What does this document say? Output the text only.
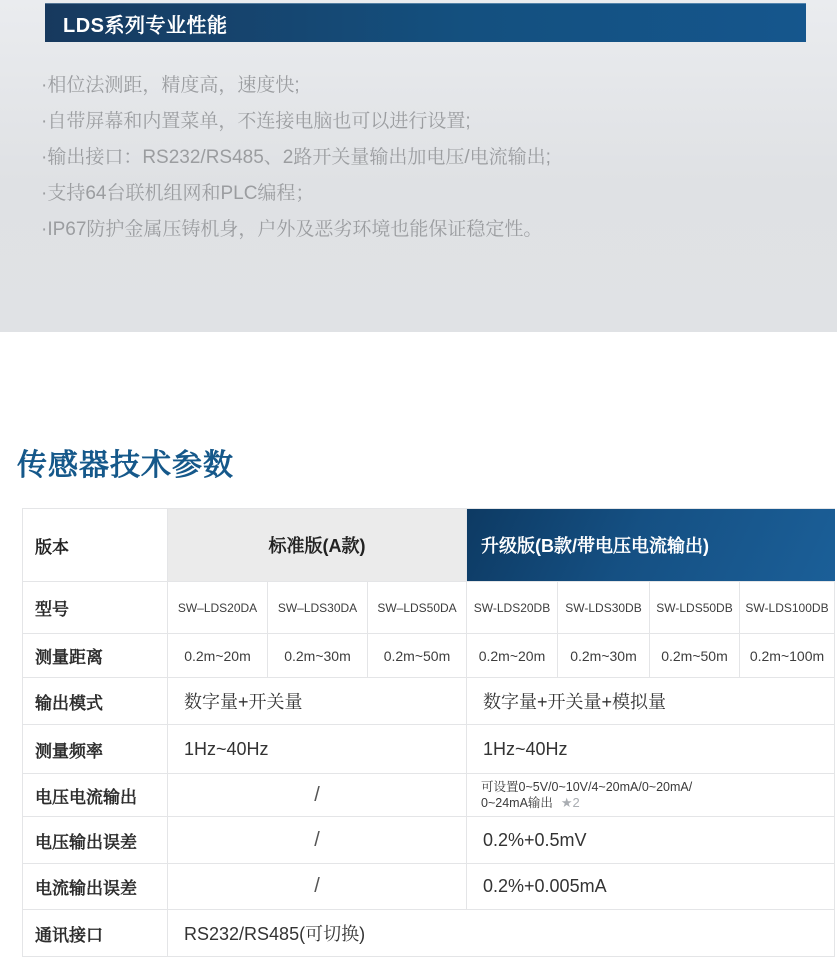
LDS系列专业性能
·相位法测距，精度高，速度快;
·自带屏幕和内置菜单，不连接电脑也可以进行设置;
·输出接口：RS232/RS485、2路开关量输出加电压/电流输出;
·支持64台联机组网和PLC编程；
·IP67防护金属压铸机身，户外及恶劣环境也能保证稳定性。
传感器技术参数
版本	标准版(A款)	升级版(B款/带电压电流输出)
型号	SW–LDS20DA	SW–LDS30DA	SW–LDS50DA	SW-LDS20DB	SW-LDS30DB	SW-LDS50DB	SW-LDS100DB
测量距离	0.2m~20m	0.2m~30m	0.2m~50m	0.2m~20m	0.2m~30m	0.2m~50m	0.2m~100m
输出模式	数字量+开关量	数字量+开关量+模拟量
测量频率	1Hz~40Hz	1Hz~40Hz
电压电流输出	/	可设置0~5V/0~10V/4~20mA/0~20mA/
0~24mA输出 ★2
电压输出误差	/	0.2%+0.5mV
电流输出误差	/	0.2%+0.005mA
通讯接口	RS232/RS485(可切换)
